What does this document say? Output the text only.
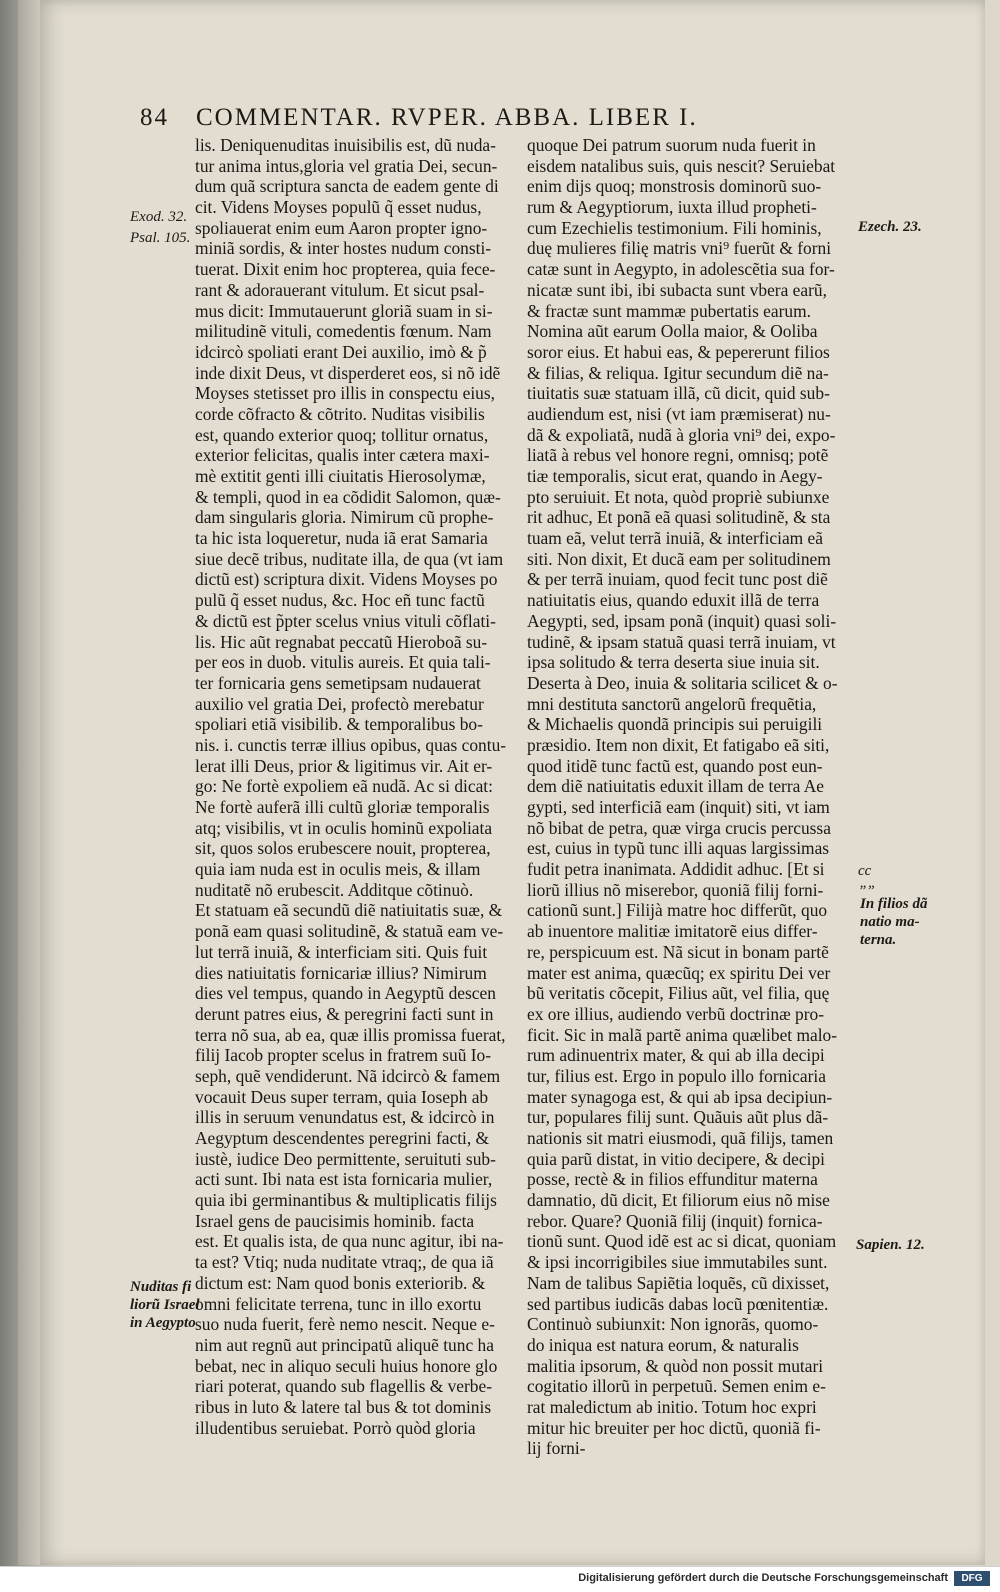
84 COMMENTAR. RVPER. ABBA. LIBER I.
lis. Deniquenuditas inuisibilis est, dũ nuda-
tur anima intus,gloria vel gratia Dei, secun-
dum quã scriptura sancta de eadem gente di
cit. Videns Moyses populũ q̃ esset nudus,
spoliauerat enim eum Aaron propter igno-
miniã sordis, & inter hostes nudum consti-
tuerat. Dixit enim hoc propterea, quia fece-
rant & adorauerant vitulum. Et sicut psal-
mus dicit: Immutauerunt gloriã suam in si-
militudinẽ vituli, comedentis fœnum. Nam
idcircò spoliati erant Dei auxilio, imò & p̃
inde dixit Deus, vt disperderet eos, si nõ idẽ
Moyses stetisset pro illis in conspectu eius,
corde cõfracto & cõtrito. Nuditas visibilis
est, quando exterior quoq; tollitur ornatus,
exterior felicitas, qualis inter cætera maxi-
mè extitit genti illi ciuitatis Hierosolymæ,
& templi, quod in ea cõdidit Salomon, quæ-
dam singularis gloria. Nimirum cũ prophe-
ta hic ista loqueretur, nuda iã erat Samaria
siue decẽ tribus, nuditate illa, de qua (vt iam
dictũ est) scriptura dixit. Videns Moyses po
pulũ q̃ esset nudus, &c. Hoc eñ tunc factũ
& dictũ est p̃pter scelus vnius vituli cõflati-
lis. Hic aũt regnabat peccatũ Hieroboã su-
per eos in duob. vitulis aureis. Et quia tali-
ter fornicaria gens semetipsam nudauerat
auxilio vel gratia Dei, profectò merebatur
spoliari etiã visibilib. & temporalibus bo-
nis. i. cunctis terræ illius opibus, quas contu-
lerat illi Deus, prior & ligitimus vir. Ait er-
go: Ne fortè expoliem eã nudã. Ac si dicat:
Ne fortè auferã illi cultũ gloriæ temporalis
atq; visibilis, vt in oculis hominũ expoliata
sit, quos solos erubescere nouit, propterea,
quia iam nuda est in oculis meis, & illam
nuditatẽ nõ erubescit. Additque cõtinuò.
Et statuam eã secundũ diẽ natiuitatis suæ, &
ponã eam quasi solitudinẽ, & statuã eam ve-
lut terrã inuiã, & interficiam siti. Quis fuit
dies natiuitatis fornicariæ illius? Nimirum
dies vel tempus, quando in Aegyptũ descen
derunt patres eius, & peregrini facti sunt in
terra nõ sua, ab ea, quæ illis promissa fuerat,
filij Iacob propter scelus in fratrem suũ Io-
seph, quẽ vendiderunt. Nã idcircò & famem
vocauit Deus super terram, quia Ioseph ab
illis in seruum venundatus est, & idcircò in
Aegyptum descendentes peregrini facti, &
iustè, iudice Deo permittente, seruituti sub-
acti sunt. Ibi nata est ista fornicaria mulier,
quia ibi germinantibus & multiplicatis filijs
Israel gens de paucisimis hominib. facta
est. Et qualis ista, de qua nunc agitur, ibi na-
ta est? Vtiq; nuda nuditate vtraq;, de qua iã
dictum est: Nam quod bonis exteriorib. &
omni felicitate terrena, tunc in illo exortu
suo nuda fuerit, ferè nemo nescit. Neque e-
nim aut regnũ aut principatũ aliquẽ tunc ha
bebat, nec in aliquo seculi huius honore glo
riari poterat, quando sub flagellis & verbe-
ribus in luto & latere tal bus & tot dominis
illudentibus seruiebat. Porrò quòd gloria
quoque Dei patrum suorum nuda fuerit in
eisdem natalibus suis, quis nescit? Seruiebat
enim dijs quoq; monstrosis dominorũ suo-
rum & Aegyptiorum, iuxta illud propheti-
cum Ezechielis testimonium. Fili hominis,
duę mulieres filię matris vni⁹ fuerũt & forni
catæ sunt in Aegypto, in adolescẽtia sua for-
nicatæ sunt ibi, ibi subacta sunt vbera earũ,
& fractæ sunt mammæ pubertatis earum.
Nomina aũt earum Oolla maior, & Ooliba
soror eius. Et habui eas, & pepererunt filios
& filias, & reliqua. Igitur secundum diẽ na-
tiuitatis suæ statuam illã, cũ dicit, quid sub-
audiendum est, nisi (vt iam præmiserat) nu-
dã & expoliatã, nudã à gloria vni⁹ dei, expo-
liatã à rebus vel honore regni, omnisq; potẽ
tiæ temporalis, sicut erat, quando in Aegy-
pto seruiuit. Et nota, quòd propriè subiunxe
rit adhuc, Et ponã eã quasi solitudinẽ, & sta
tuam eã, velut terrã inuiã, & interficiam eã
siti. Non dixit, Et ducã eam per solitudinem
& per terrã inuiam, quod fecit tunc post diẽ
natiuitatis eius, quando eduxit illã de terra
Aegypti, sed, ipsam ponã (inquit) quasi soli-
tudinẽ, & ipsam statuã quasi terrã inuiam, vt
ipsa solitudo & terra deserta siue inuia sit.
Deserta à Deo, inuia & solitaria scilicet & o-
mni destituta sanctorũ angelorũ frequẽtia,
& Michaelis quondã principis sui peruigili
præsidio. Item non dixit, Et fatigabo eã siti,
quod itidẽ tunc factũ est, quando post eun-
dem diẽ natiuitatis eduxit illam de terra Ae
gypti, sed interficiã eam (inquit) siti, vt iam
nõ bibat de petra, quæ virga crucis percussa
est, cuius in typũ tunc illi aquas largissimas
fudit petra inanimata. Addidit adhuc. [Et si
liorũ illius nõ miserebor, quoniã filij forni-
cationũ sunt.] Filijà matre hoc differũt, quo
ab inuentore malitiæ imitatorẽ eius differ-
re, perspicuum est. Nã sicut in bonam partẽ
mater est anima, quæcũq; ex spiritu Dei ver
bũ veritatis cõcepit, Filius aũt, vel filia, quę
ex ore illius, audiendo verbũ doctrinæ pro-
ficit. Sic in malã partẽ anima quælibet malo-
rum adinuentrix mater, & qui ab illa decipi
tur, filius est. Ergo in populo illo fornicaria
mater synagoga est, & qui ab ipsa decipiun-
tur, populares filij sunt. Quãuis aũt plus dã-
nationis sit matri eiusmodi, quã filijs, tamen
quia parũ distat, in vitio decipere, & decipi
posse, rectè & in filios effunditur materna
damnatio, dũ dicit, Et filiorum eius nõ mise
rebor. Quare? Quoniã filij (inquit) fornica-
tionũ sunt. Quod idẽ est ac si dicat, quoniam
& ipsi incorrigibiles siue immutabiles sunt.
Nam de talibus Sapiẽtia loquẽs, cũ dixisset,
sed partibus iudicãs dabas locũ pœnitentiæ.
Continuò subiunxit: Non ignorãs, quomo-
do iniqua est natura eorum, & naturalis
malitia ipsorum, & quòd non possit mutari
cogitatio illorũ in perpetuũ. Semen enim e-
rat maledictum ab initio. Totum hoc expri
mitur hic breuiter per hoc dictũ, quoniã fi-
lij forni-
Exod. 32.
Psal. 105.
Ezech. 23.
cc
””
In filios dã
natio ma-
terna.
Nuditas fi
liorũ Israel
in Aegypto
Sapien. 12.
Digitalisierung gefördert durch die Deutsche Forschungsgemeinschaft	DFG
